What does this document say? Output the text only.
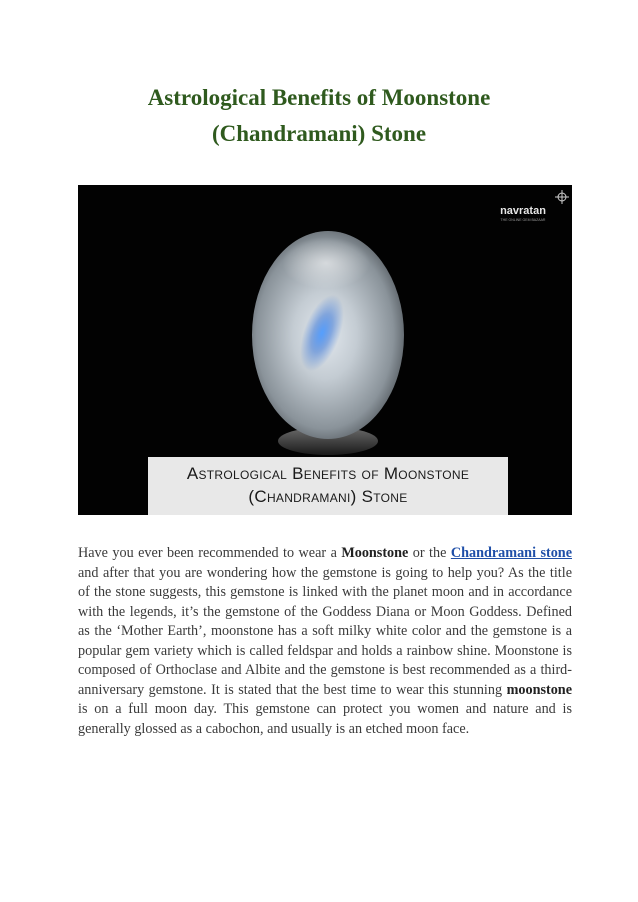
Astrological Benefits of Moonstone
(Chandramani) Stone
navratan
THE ONLINE GEM BAZAAR
Astrological Benefits of Moonstone
(Chandramani) Stone

Have you ever been recommended to wear a Moonstone or the Chandramani stone and after that you are wondering how the gemstone is going to help you? As the title of the stone suggests, this gemstone is linked with the planet moon and in accordance with the legends, it’s the gemstone of the Goddess Diana or Moon Goddess. Defined as the ‘Mother Earth’, moonstone has a soft milky white color and the gemstone is a popular gem variety which is called feldspar and holds a rainbow shine. Moonstone is composed of Orthoclase and Albite and the gemstone is best recommended as a third-anniversary gemstone. It is stated that the best time to wear this stunning moonstone is on a full moon day. This gemstone can protect you women and nature and is generally glossed as a cabochon, and usually is an etched moon face.
